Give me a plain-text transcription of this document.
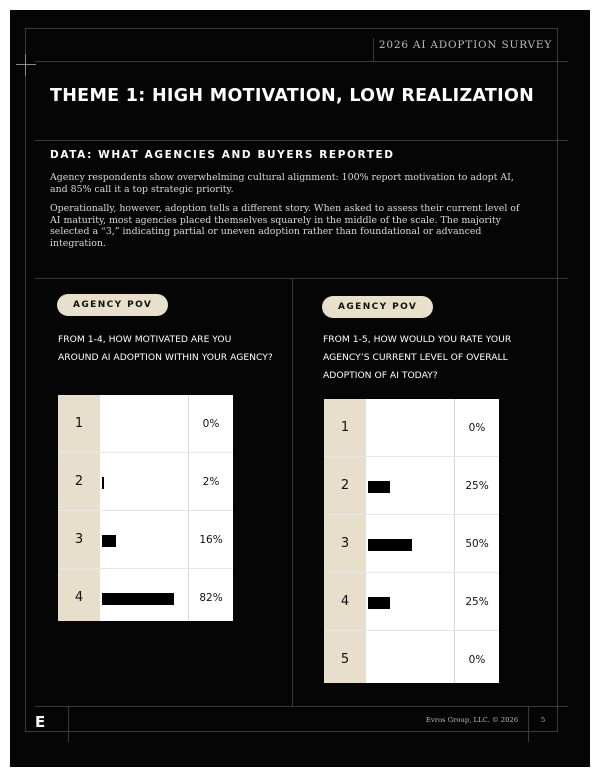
2026 AI ADOPTION SURVEY
THEME 1: HIGH MOTIVATION, LOW REALIZATION
DATA: WHAT AGENCIES AND BUYERS REPORTED

Agency respondents show overwhelming cultural alignment: 100% report motivation to adopt AI, and 85% call it a top strategic priority.

Operationally, however, adoption tells a different story. When asked to assess their current level of AI maturity, most agencies placed themselves squarely in the middle of the scale. The majority selected a “3,” indicating partial or uneven adoption rather than foundational or advanced integration.

AGENCY POV

FROM 1-4, HOW MOTIVATED ARE YOU AROUND AI ADOPTION WITHIN YOUR AGENCY?

1	0%
2	2%
3	16%
4	82%
AGENCY POV

FROM 1-5, HOW WOULD YOU RATE YOUR AGENCY’S CURRENT LEVEL OF OVERALL ADOPTION OF AI TODAY?

1	0%
2	25%
3	50%
4	25%
5	0%
E	Evros Group, LLC. © 2026	5
